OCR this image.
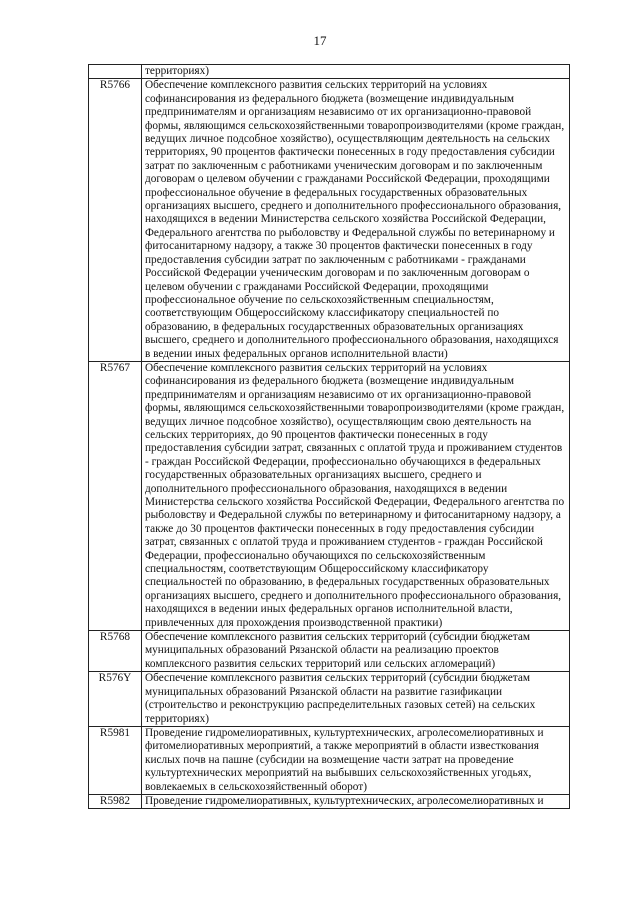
17
	территориях)
R5766	Обеспечение комплексного развития сельских территорий на условиях софинансирования из федерального бюджета (возмещение индивидуальным предпринимателям и организациям независимо от их организационно-правовой формы, являющимся сельскохозяйственными товаропроизводителями (кроме граждан, ведущих личное подсобное хозяйство), осуществляющим деятельность на сельских территориях, 90 процентов фактически понесенных в году предоставления субсидии затрат по заключенным с работниками ученическим договорам и по заключенным договорам о целевом обучении с гражданами Российской Федерации, проходящими профессиональное обучение в федеральных государственных образовательных организациях высшего, среднего и дополнительного профессионального образования, находящихся в ведении Министерства сельского хозяйства Российской Федерации, Федерального агентства по рыболовству и Федеральной службы по ветеринарному и фитосанитарному надзору, а также 30 процентов фактически понесенных в году предоставления субсидии затрат по заключенным с работниками - гражданами Российской Федерации ученическим договорам и по заключенным договорам о целевом обучении с гражданами Российской Федерации, проходящими профессиональное обучение по сельскохозяйственным специальностям, соответствующим Общероссийскому классификатору специальностей по образованию, в федеральных государственных образовательных организациях высшего, среднего и дополнительного профессионального образования, находящихся в ведении иных федеральных органов исполнительной власти)
R5767	Обеспечение комплексного развития сельских территорий на условиях софинансирования из федерального бюджета (возмещение индивидуальным предпринимателям и организациям независимо от их организационно-правовой формы, являющимся сельскохозяйственными товаропроизводителями (кроме граждан, ведущих личное подсобное хозяйство), осуществляющим свою деятельность на сельских территориях, до 90 процентов фактически понесенных в году предоставления субсидии затрат, связанных с оплатой труда и проживанием студентов - граждан Российской Федерации, профессионально обучающихся в федеральных государственных образовательных организациях высшего, среднего и дополнительного профессионального образования, находящихся в ведении Министерства сельского хозяйства Российской Федерации, Федерального агентства по рыболовству и Федеральной службы по ветеринарному и фитосанитарному надзору, а также до 30 процентов фактически понесенных в году предоставления субсидии затрат, связанных с оплатой труда и проживанием студентов - граждан Российской Федерации, профессионально обучающихся по сельскохозяйственным специальностям, соответствующим Общероссийскому классификатору специальностей по образованию, в федеральных государственных образовательных организациях высшего, среднего и дополнительного профессионального образования, находящихся в ведении иных федеральных органов исполнительной власти, привлеченных для прохождения производственной практики)
R5768	Обеспечение комплексного развития сельских территорий (субсидии бюджетам муниципальных образований Рязанской области на реализацию проектов комплексного развития сельских территорий или сельских агломераций)
R576Y	Обеспечение комплексного развития сельских территорий (субсидии бюджетам муниципальных образований Рязанской области на развитие газификации (строительство и реконструкцию распределительных газовых сетей) на сельских территориях)
R5981	Проведение гидромелиоративных, культуртехнических, агролесомелиоративных и фитомелиоративных мероприятий, а также мероприятий в области известкования кислых почв на пашне (субсидии на возмещение части затрат на проведение культуртехнических мероприятий на выбывших сельскохозяйственных угодьях, вовлекаемых в сельскохозяйственный оборот)
R5982	Проведение гидромелиоративных, культуртехнических, агролесомелиоративных и
